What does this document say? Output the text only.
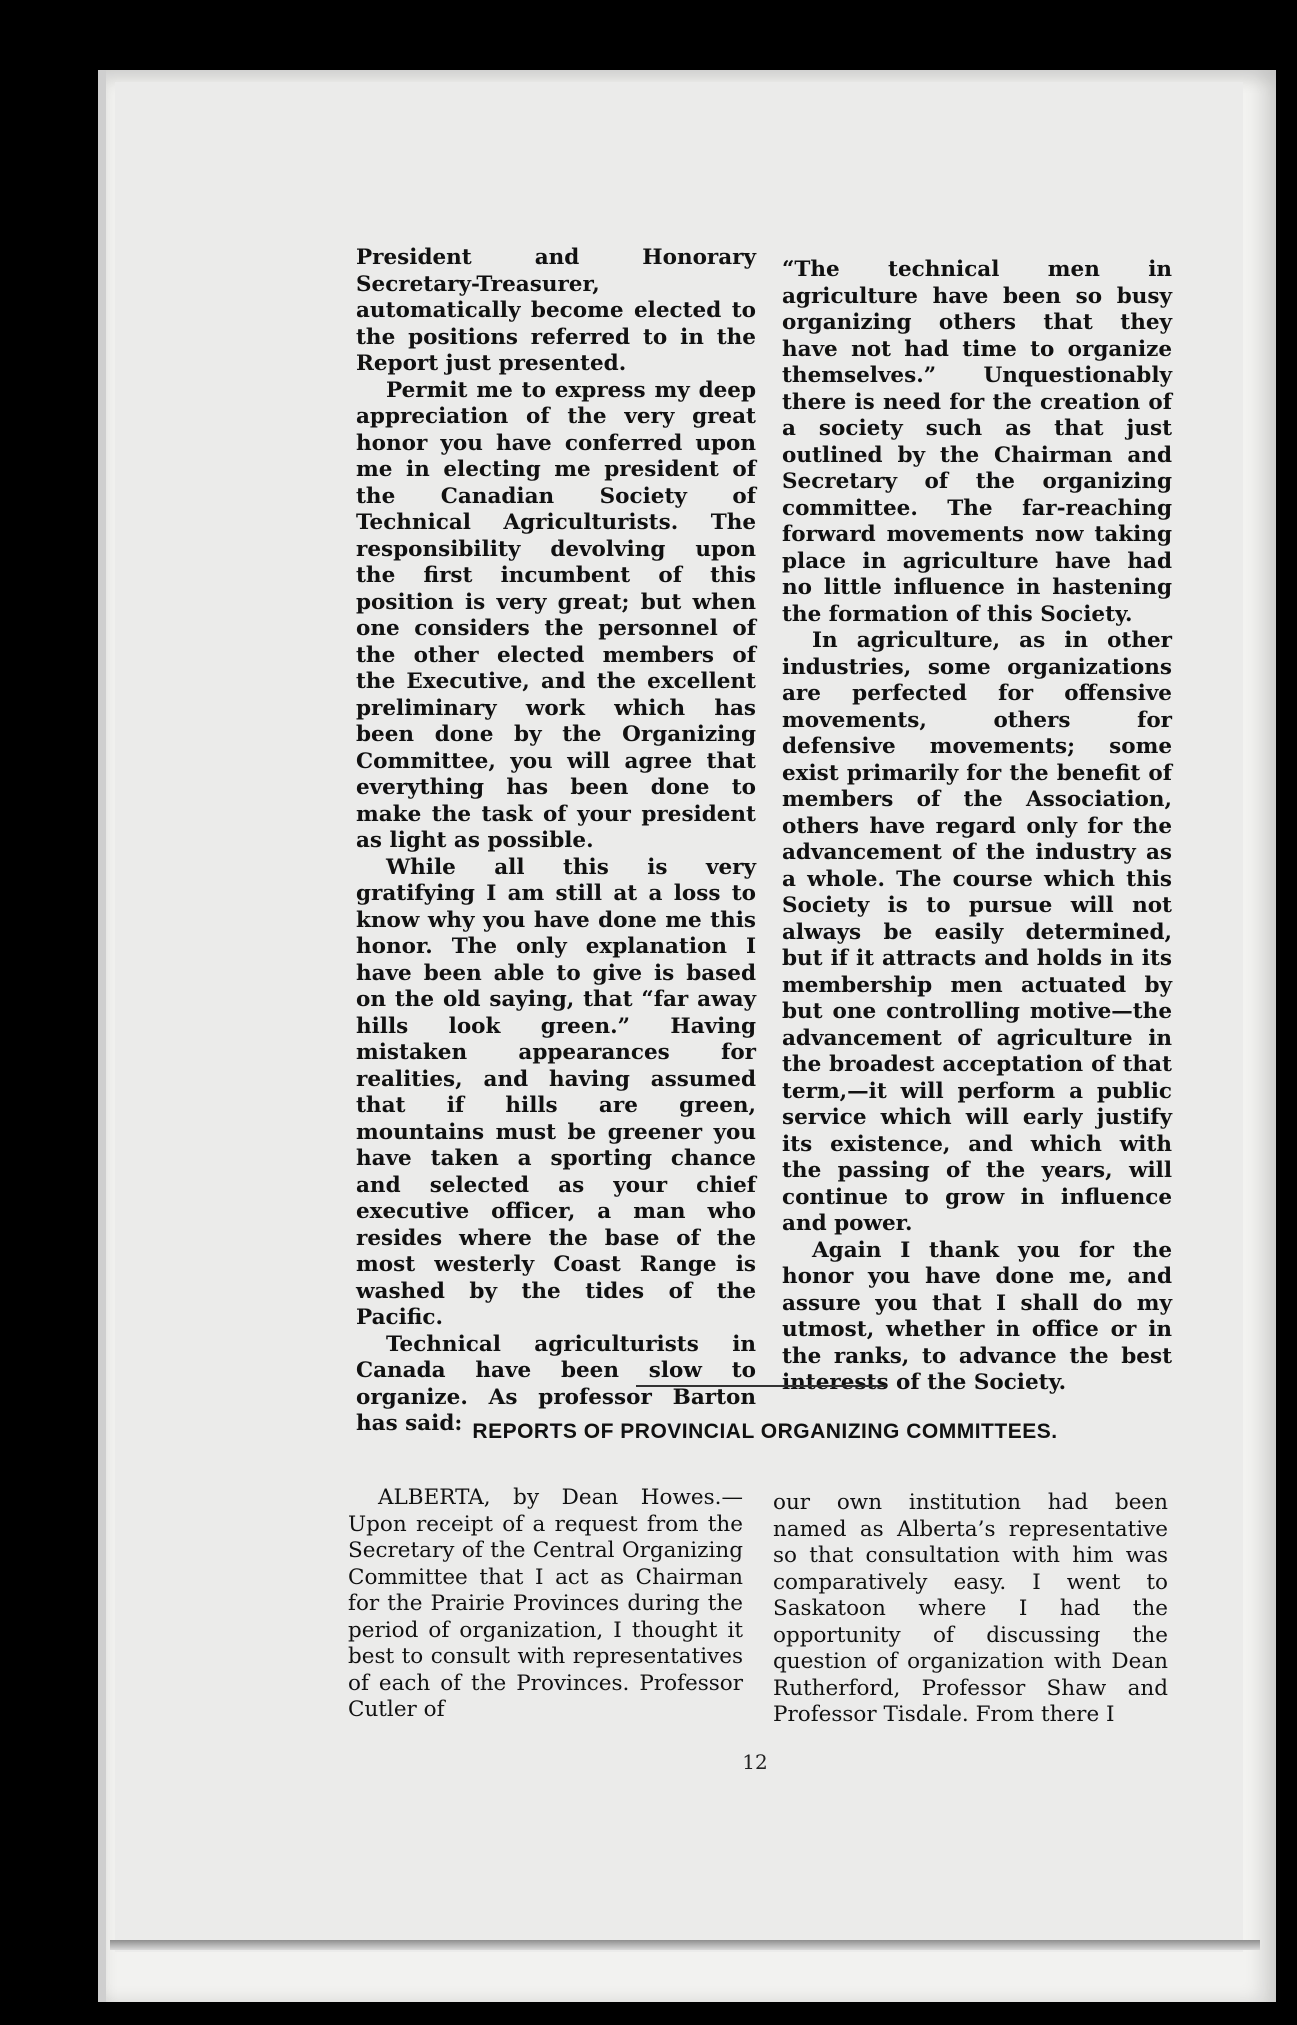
President and Honorary Secretary-Treasurer, automatically become elected to the positions referred to in the Report just presented.

Permit me to express my deep appreciation of the very great honor you have conferred upon me in electing me president of the Canadian Society of Technical Agriculturists. The responsibility devolving upon the first incumbent of this position is very great; but when one considers the personnel of the other elected members of the Executive, and the excellent preliminary work which has been done by the Organizing Committee, you will agree that everything has been done to make the task of your president as light as possible.

While all this is very gratifying I am still at a loss to know why you have done me this honor. The only explanation I have been able to give is based on the old saying, that “far away hills look green.” Having mistaken appearances for realities, and having assumed that if hills are green, mountains must be greener you have taken a sporting chance and selected as your chief executive officer, a man who resides where the base of the most westerly Coast Range is washed by the tides of the Pacific.

Technical agriculturists in Canada have been slow to organize. As professor Barton has said:

“The technical men in agriculture have been so busy organizing others that they have not had time to organize themselves.” Unquestionably there is need for the creation of a society such as that just outlined by the Chairman and Secretary of the organizing committee. The far-reaching forward movements now taking place in agriculture have had no little influence in hastening the formation of this Society.

In agriculture, as in other industries, some organizations are perfected for offensive movements, others for defensive movements; some exist primarily for the benefit of members of the Association, others have regard only for the advancement of the industry as a whole. The course which this Society is to pursue will not always be easily determined, but if it attracts and holds in its membership men actuated by but one controlling motive—the advancement of agriculture in the broadest acceptation of that term,—it will perform a public service which will early justify its existence, and which with the passing of the years, will continue to grow in influence and power.

Again I thank you for the honor you have done me, and assure you that I shall do my utmost, whether in office or in the ranks, to advance the best interests of the Society.

REPORTS OF PROVINCIAL ORGANIZING COMMITTEES.

ALBERTA, by Dean Howes.— Upon receipt of a request from the Secretary of the Central Organizing Committee that I act as Chairman for the Prairie Provinces during the period of organization, I thought it best to consult with representatives of each of the Provinces. Professor Cutler of

our own institution had been named as Alberta’s representative so that consultation with him was comparatively easy. I went to Saskatoon where I had the opportunity of discussing the question of organization with Dean Rutherford, Professor Shaw and Professor Tisdale. From there I

12
